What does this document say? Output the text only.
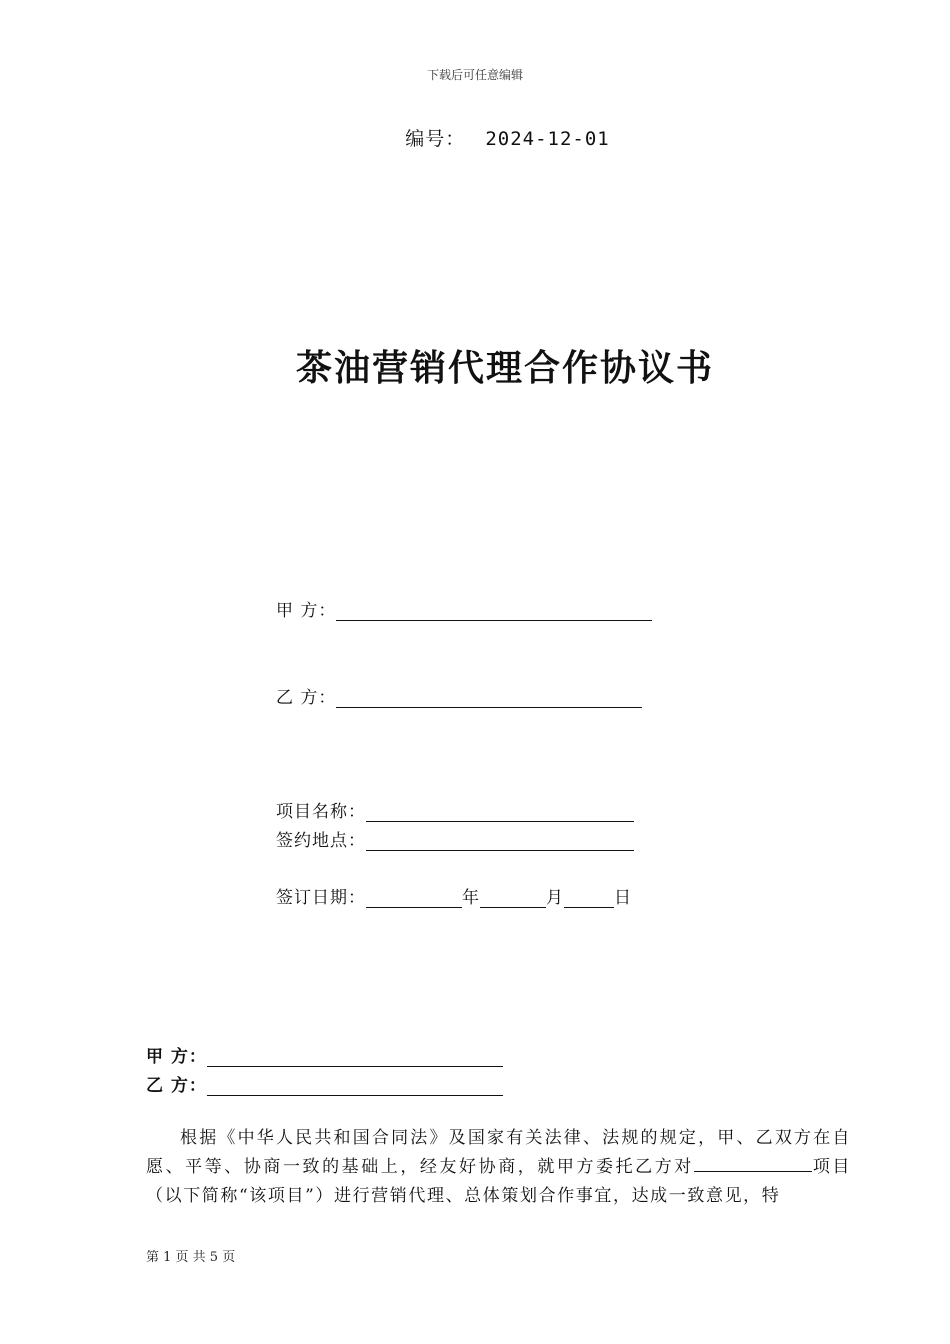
下载后可任意编辑
编号： 2024-12-01
茶油营销代理合作协议书
甲 方：
乙 方：
项目名称：
签约地点：
签订日期：	年	月	日
甲 方：
乙 方：
根据《中华人民共和国合同法》及国家有关法律、法规的规定，甲、乙双方在自愿、平等、协商一致的基础上，经友好协商，就甲方委托乙方对	项目（以下简称“该项目”）进行营销代理、总体策划合作事宜，达成一致意见，特
第 1 页 共 5 页
